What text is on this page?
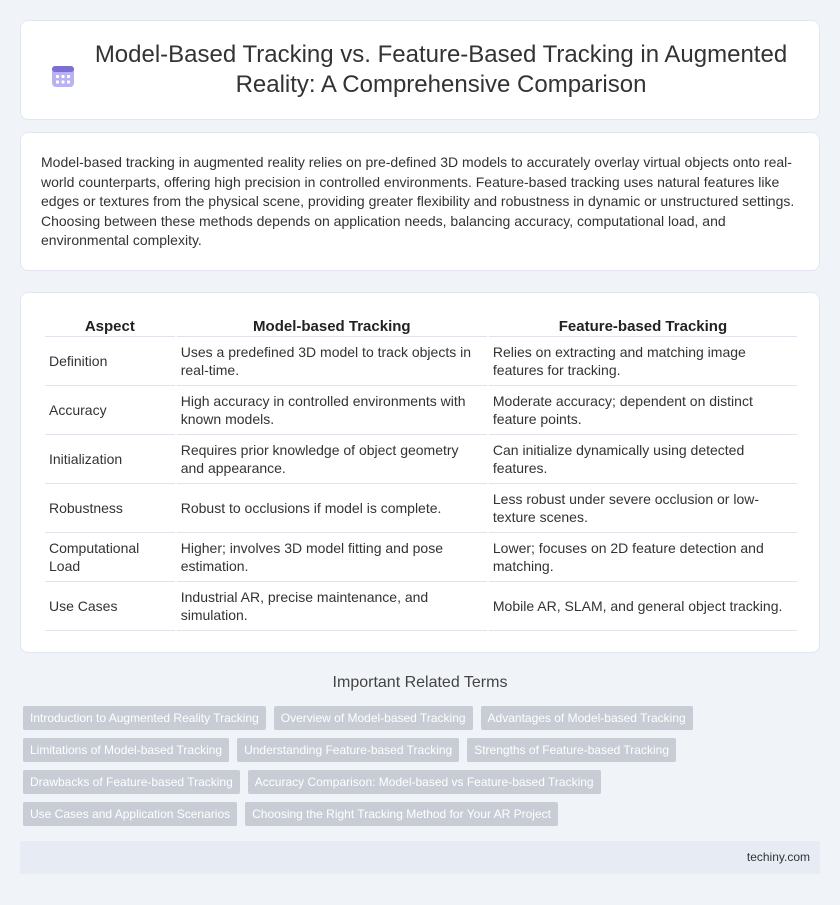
Model-Based Tracking vs. Feature-Based Tracking in Augmented Reality: A Comprehensive Comparison

Model-based tracking in augmented reality relies on pre-defined 3D models to accurately overlay virtual objects onto real-world counterparts, offering high precision in controlled environments. Feature-based tracking uses natural features like edges or textures from the physical scene, providing greater flexibility and robustness in dynamic or unstructured settings. Choosing between these methods depends on application needs, balancing accuracy, computational load, and environmental complexity.

Aspect	Model-based Tracking	Feature-based Tracking
Definition	Uses a predefined 3D model to track objects in real-time.	Relies on extracting and matching image features for tracking.
Accuracy	High accuracy in controlled environments with known models.	Moderate accuracy; dependent on distinct feature points.
Initialization	Requires prior knowledge of object geometry and appearance.	Can initialize dynamically using detected features.
Robustness	Robust to occlusions if model is complete.	Less robust under severe occlusion or low-texture scenes.
Computational Load	Higher; involves 3D model fitting and pose estimation.	Lower; focuses on 2D feature detection and matching.
Use Cases	Industrial AR, precise maintenance, and simulation.	Mobile AR, SLAM, and general object tracking.
Important Related Terms
Introduction to Augmented Reality Tracking	Overview of Model-based Tracking	Advantages of Model-based Tracking
Limitations of Model-based Tracking	Understanding Feature-based Tracking	Strengths of Feature-based Tracking
Drawbacks of Feature-based Tracking	Accuracy Comparison: Model-based vs Feature-based Tracking
Use Cases and Application Scenarios	Choosing the Right Tracking Method for Your AR Project
techiny.com
